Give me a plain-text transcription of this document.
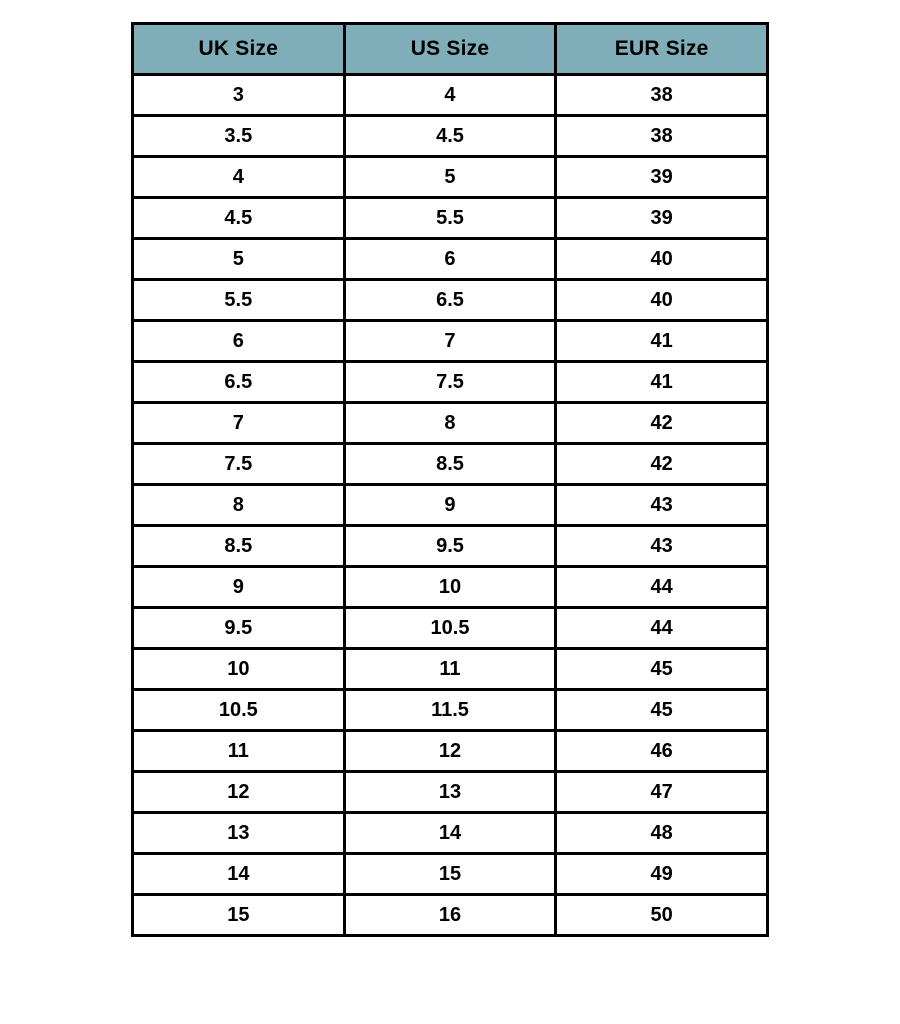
UK Size	US Size	EUR Size
3	4	38
3.5	4.5	38
4	5	39
4.5	5.5	39
5	6	40
5.5	6.5	40
6	7	41
6.5	7.5	41
7	8	42
7.5	8.5	42
8	9	43
8.5	9.5	43
9	10	44
9.5	10.5	44
10	11	45
10.5	11.5	45
11	12	46
12	13	47
13	14	48
14	15	49
15	16	50
